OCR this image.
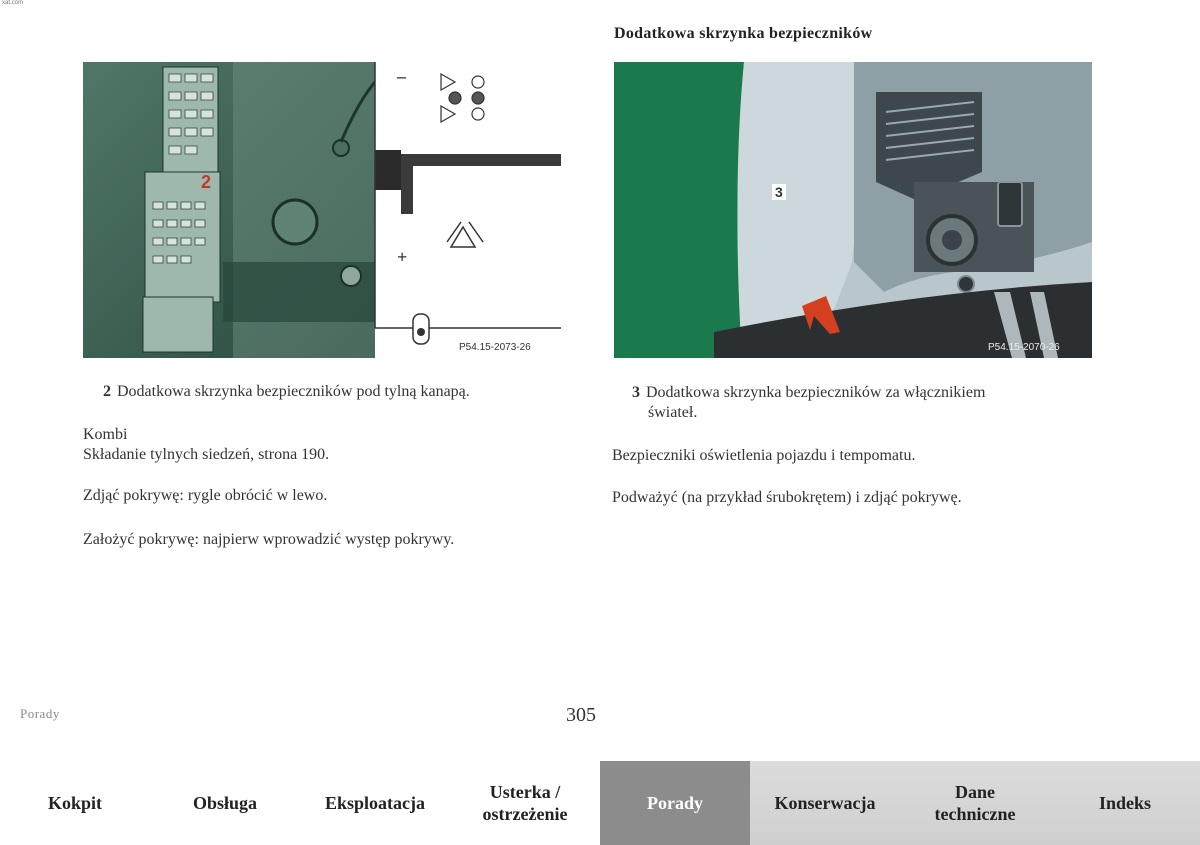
xat.com
–
+
2
P54.15-2073-26
2 Dodatkowa skrzynka bezpieczników pod tylną kanapą.
Kombi
Składanie tylnych siedzeń, strona 190.
Zdjąć pokrywę: rygle obrócić w lewo.
Założyć pokrywę: najpierw wprowadzić występ pokrywy.
Dodatkowa skrzynka bezpieczników
3
P54.15-2070-26
3 Dodatkowa skrzynka bezpieczników za włącznikiem
świateł.
Bezpieczniki oświetlenia pojazdu i tempomatu.
Podważyć (na przykład śrubokrętem) i zdjąć pokrywę.
Porady	305
Kokpit	Obsługa	Eksploatacja
Usterka /
ostrzeżenie
Porady	Konserwacja
Dane
techniczne
Indeks
